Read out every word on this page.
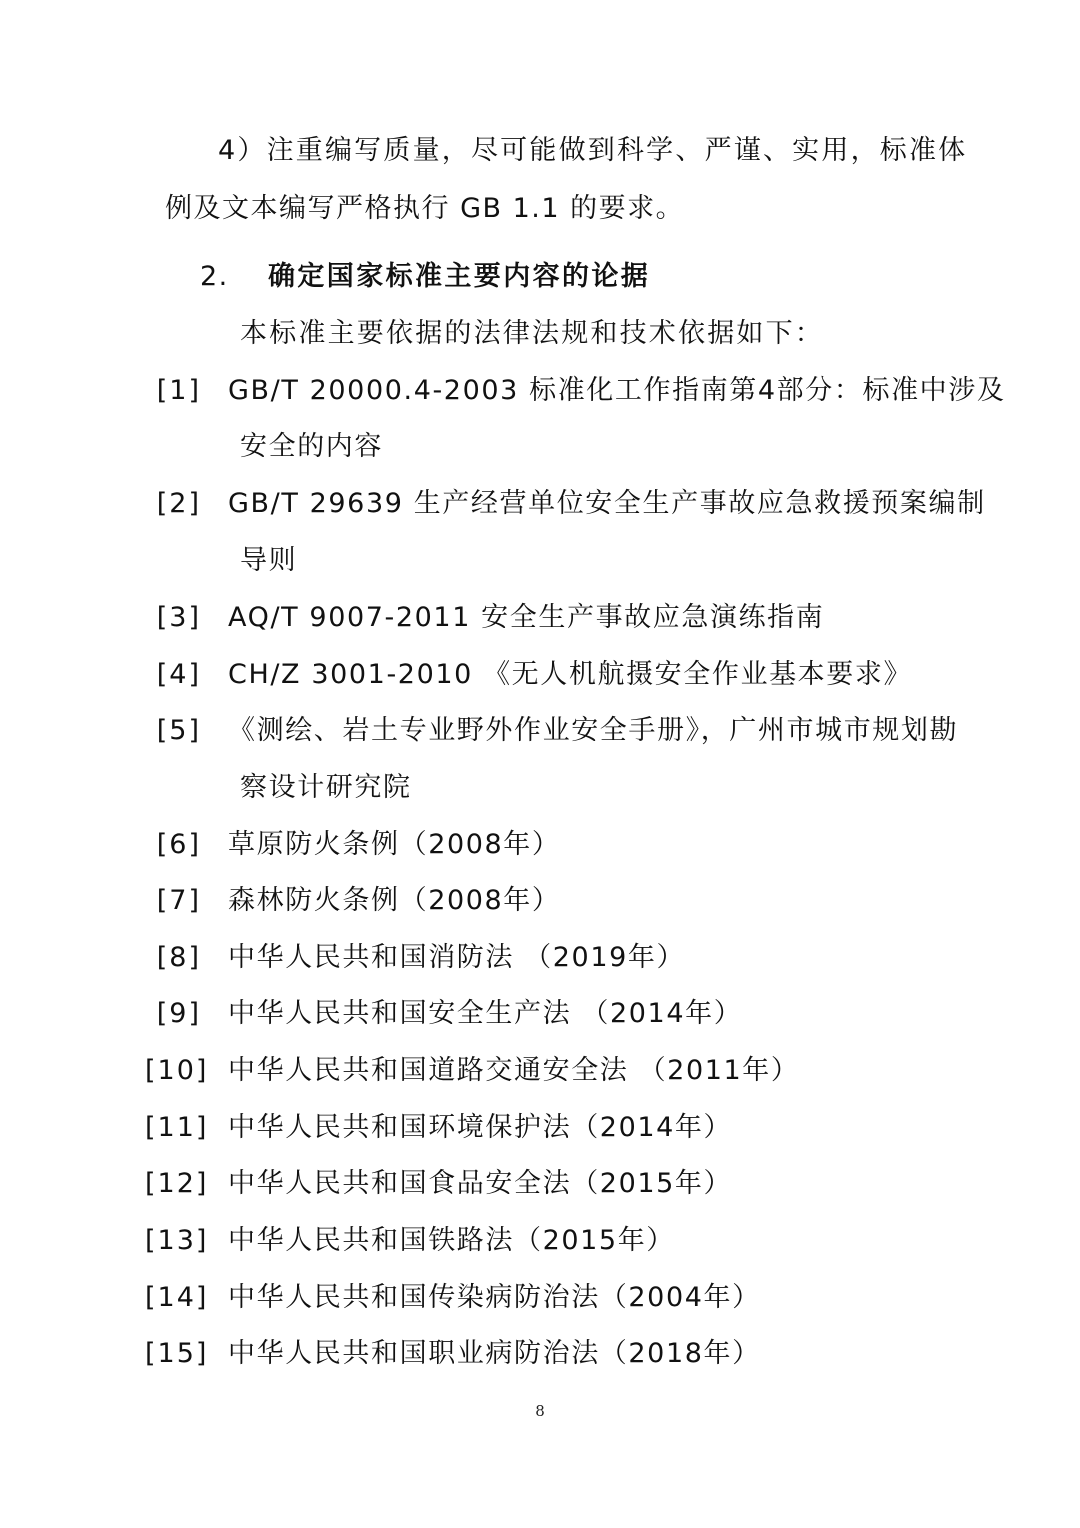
4）注重编写质量，尽可能做到科学、严谨、实用，标准体
例及文本编写严格执行 GB 1.1 的要求。
2. 确定国家标准主要内容的论据
本标准主要依据的法律法规和技术依据如下：
[1] GB/T 20000.4-2003 标准化工作指南第4部分：标准中涉及
安全的内容
[2] GB/T 29639 生产经营单位安全生产事故应急救援预案编制
导则
[3] AQ/T 9007-2011 安全生产事故应急演练指南
[4] CH/Z 3001-2010 《无人机航摄安全作业基本要求》
[5] 《测绘、岩土专业野外作业安全手册》，广州市城市规划勘
察设计研究院
[6] 草原防火条例（2008年）
[7] 森林防火条例（2008年）
[8] 中华人民共和国消防法 （2019年）
[9] 中华人民共和国安全生产法 （2014年）
[10] 中华人民共和国道路交通安全法 （2011年）
[11] 中华人民共和国环境保护法（2014年）
[12] 中华人民共和国食品安全法（2015年）
[13] 中华人民共和国铁路法（2015年）
[14] 中华人民共和国传染病防治法（2004年）
[15] 中华人民共和国职业病防治法（2018年）
8
